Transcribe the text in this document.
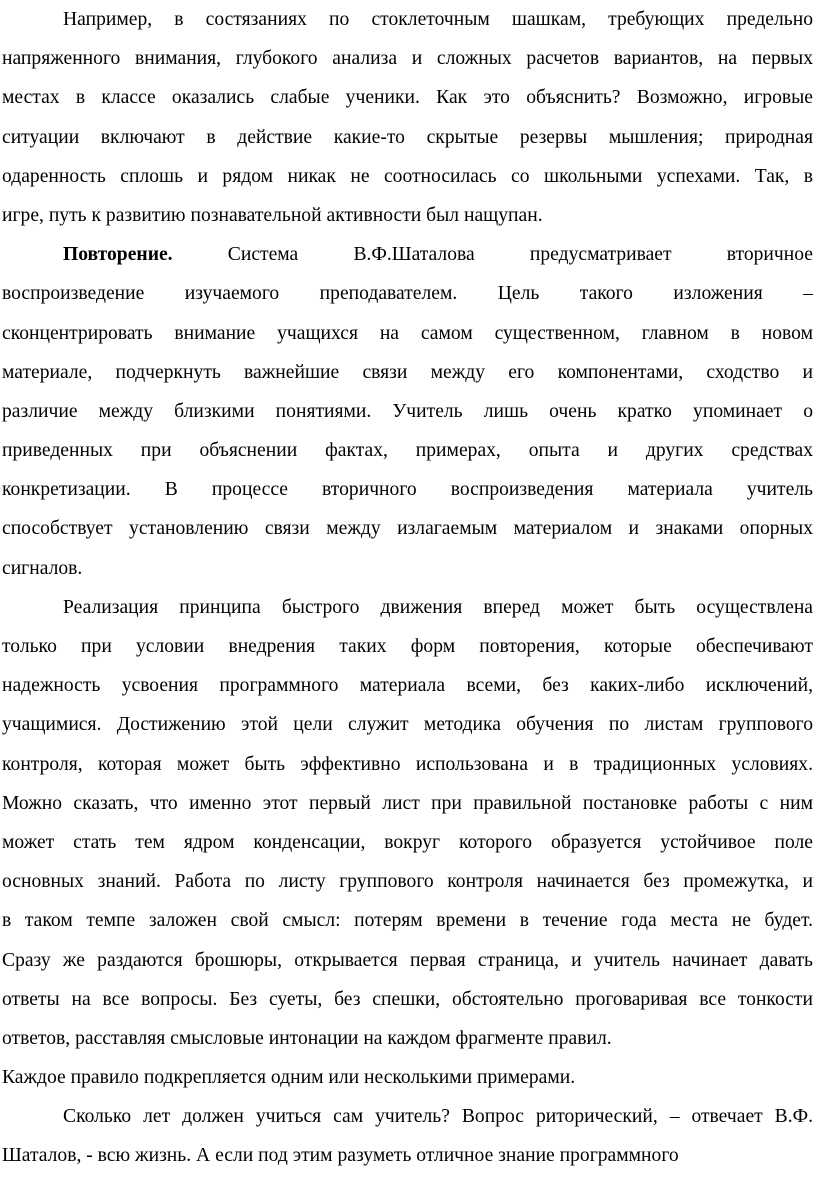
Например, в состязаниях по стоклеточным шашкам, требующих предельно
напряженного внимания, глубокого анализа и сложных расчетов вариантов, на первых
местах в классе оказались слабые ученики. Как это объяснить? Возможно, игровые
ситуации включают в действие какие-то скрытые резервы мышления; природная
одаренность сплошь и рядом никак не соотносилась со школьными успехами. Так, в
игре, путь к развитию познавательной активности был нащупан.
Повторение.	Система В.Ф.Шаталова предусматривает вторичное
воспроизведение изучаемого преподавателем. Цель такого изложения –
сконцентрировать внимание учащихся на самом существенном, главном в новом
материале, подчеркнуть важнейшие связи между его компонентами, сходство и
различие между близкими понятиями. Учитель лишь очень кратко упоминает о
приведенных при объяснении фактах, примерах, опыта и других средствах
конкретизации. В процессе вторичного воспроизведения материала учитель
способствует установлению связи между излагаемым материалом и знаками опорных
сигналов.
Реализация принципа быстрого движения вперед может быть осуществлена
только при условии внедрения таких форм повторения, которые обеспечивают
надежность усвоения программного материала всеми, без каких-либо исключений,
учащимися. Достижению этой цели служит методика обучения по листам группового
контроля, которая может быть эффективно использована и в традиционных условиях.
Можно сказать, что именно этот первый лист при правильной постановке работы с ним
может стать тем ядром конденсации, вокруг которого образуется устойчивое поле
основных знаний. Работа по листу группового контроля начинается без промежутка, и
в таком темпе заложен свой смысл: потерям времени в течение года места не будет.
Сразу же раздаются брошюры, открывается первая страница, и учитель начинает давать
ответы на все вопросы. Без суеты, без спешки, обстоятельно проговаривая все тонкости
ответов, расставляя смысловые интонации на каждом фрагменте правил.
Каждое правило подкрепляется одним или несколькими примерами.
Сколько лет должен учиться сам учитель? Вопрос риторический, – отвечает В.Ф.
Шаталов, - всю жизнь. А если под этим разуметь отличное знание программного
